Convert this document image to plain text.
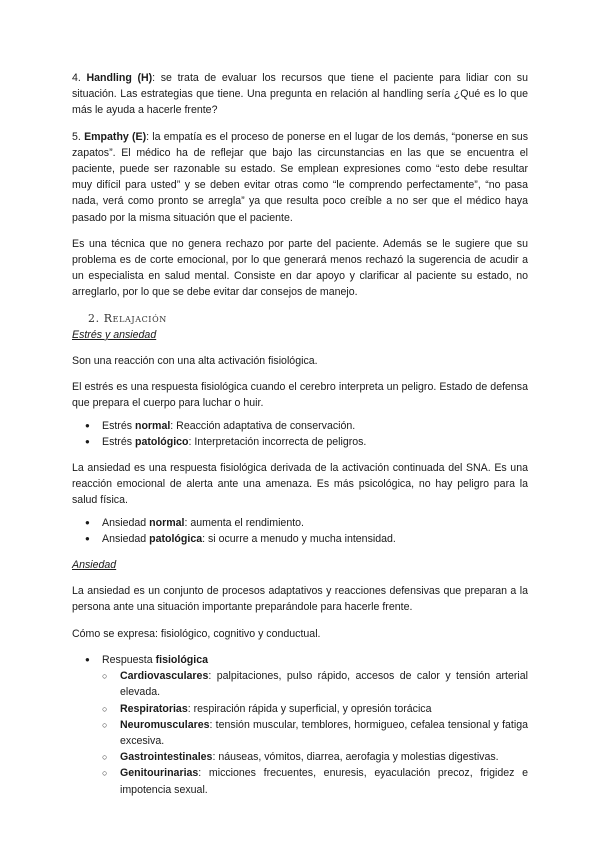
4. Handling (H): se trata de evaluar los recursos que tiene el paciente para lidiar con su situación. Las estrategias que tiene. Una pregunta en relación al handling sería ¿Qué es lo que más le ayuda a hacerle frente?

5. Empathy (E): la empatía es el proceso de ponerse en el lugar de los demás, “ponerse en sus zapatos”. El médico ha de reflejar que bajo las circunstancias en las que se encuentra el paciente, puede ser razonable su estado. Se emplean expresiones como “esto debe resultar muy difícil para usted” y se deben evitar otras como “le comprendo perfectamente”, “no pasa nada, verá como pronto se arregla” ya que resulta poco creíble a no ser que el médico haya pasado por la misma situación que el paciente.

Es una técnica que no genera rechazo por parte del paciente. Además se le sugiere que su problema es de corte emocional, por lo que generará menos rechazó la sugerencia de acudir a un especialista en salud mental. Consiste en dar apoyo y clarificar al paciente su estado, no arreglarlo, por lo que se debe evitar dar consejos de manejo.

2. Relajación

Estrés y ansiedad

Son una reacción con una alta activación fisiológica.

El estrés es una respuesta fisiológica cuando el cerebro interpreta un peligro. Estado de defensa que prepara el cuerpo para luchar o huir.

● Estrés normal: Reacción adaptativa de conservación.
● Estrés patológico: Interpretación incorrecta de peligros.

La ansiedad es una respuesta fisiológica derivada de la activación continuada del SNA. Es una reacción emocional de alerta ante una amenaza. Es más psicológica, no hay peligro para la salud física.

● Ansiedad normal: aumenta el rendimiento.
● Ansiedad patológica: si ocurre a menudo y mucha intensidad.

Ansiedad

La ansiedad es un conjunto de procesos adaptativos y reacciones defensivas que preparan a la persona ante una situación importante preparándole para hacerle frente.

Cómo se expresa: fisiológico, cognitivo y conductual.

● Respuesta fisiológica
○ Cardiovasculares: palpitaciones, pulso rápido, accesos de calor y tensión arterial elevada.
○ Respiratorias: respiración rápida y superficial, y opresión torácica
○ Neuromusculares: tensión muscular, temblores, hormigueo, cefalea tensional y fatiga excesiva.
○ Gastrointestinales: náuseas, vómitos, diarrea, aerofagia y molestias digestivas.
○ Genitourinarias: micciones frecuentes, enuresis, eyaculación precoz, frigidez e impotencia sexual.
